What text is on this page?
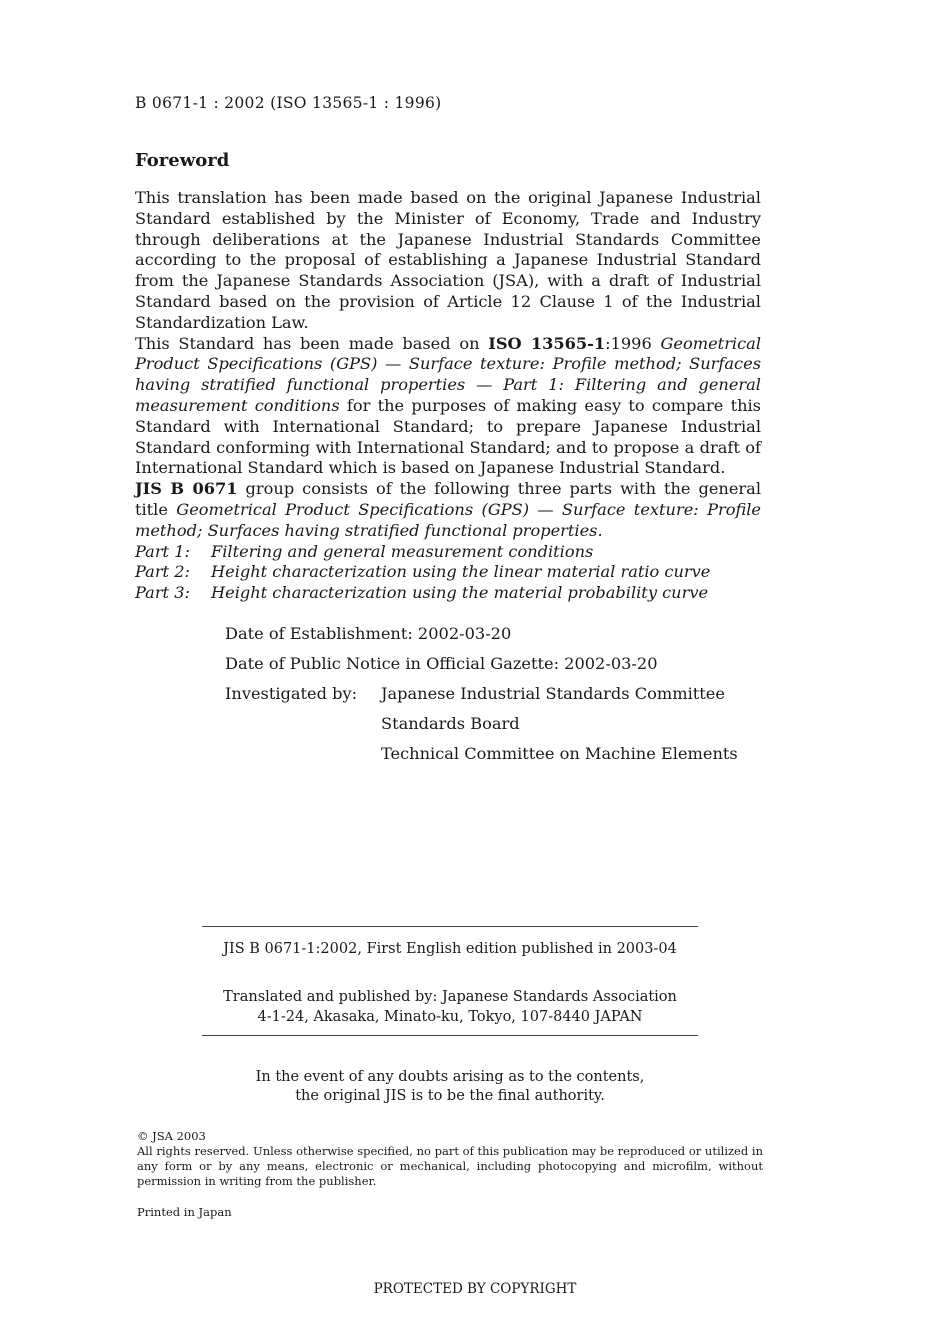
B 0671-1 : 2002 (ISO 13565-1 : 1996)
Foreword

This translation has been made based on the original Japanese Industrial Standard established by the Minister of Economy, Trade and Industry through deliberations at the Japanese Industrial Standards Committee according to the proposal of establishing a Japanese Industrial Standard from the Japanese Standards Association (JSA), with a draft of Industrial Standard based on the provision of Article 12 Clause 1 of the Industrial Standardization Law.

This Standard has been made based on ISO 13565-1:1996 Geometrical Product Specifications (GPS) — Surface texture: Profile method; Surfaces having stratified functional properties — Part 1: Filtering and general measurement conditions for the purposes of making easy to compare this Standard with International Standard; to prepare Japanese Industrial Standard conforming with International Standard; and to propose a draft of International Standard which is based on Japanese Industrial Standard.

JIS B 0671 group consists of the following three parts with the general title Geometrical Product Specifications (GPS) — Surface texture: Profile method; Surfaces having stratified functional properties.

Part 1:	Filtering and general measurement conditions
Part 2:	Height characterization using the linear material ratio curve
Part 3:	Height characterization using the material probability curve
Date of Establishment: 2002-03-20
Date of Public Notice in Official Gazette: 2002-03-20
Investigated by:	Japanese Industrial Standards Committee
Standards Board
Technical Committee on Machine Elements
JIS B 0671-1:2002, First English edition published in 2003-04
Translated and published by: Japanese Standards Association
4-1-24, Akasaka, Minato-ku, Tokyo, 107-8440 JAPAN
In the event of any doubts arising as to the contents,
the original JIS is to be the final authority.

© JSA 2003

All rights reserved. Unless otherwise specified, no part of this publication may be reproduced or utilized in any form or by any means, electronic or mechanical, including photocopying and microfilm, without permission in writing from the publisher.

Printed in Japan
PROTECTED BY COPYRIGHT
